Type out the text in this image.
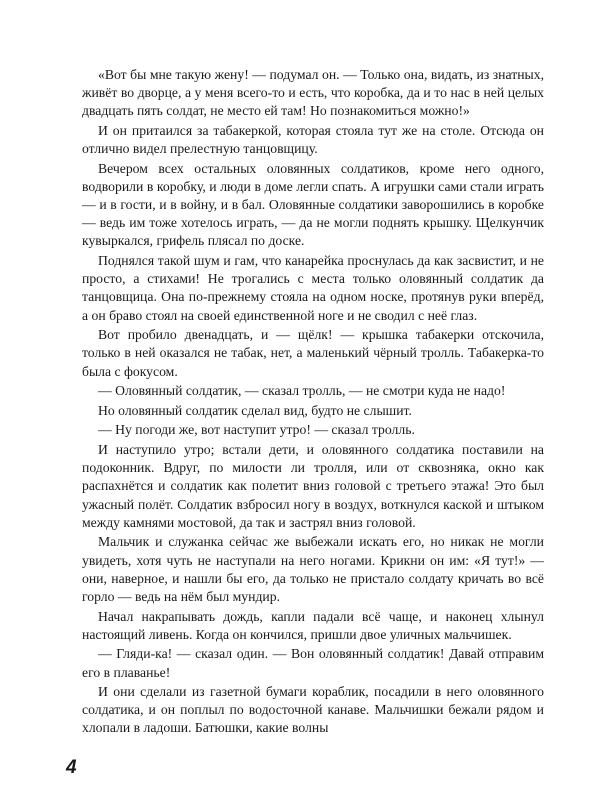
«Вот бы мне такую жену! — подумал он. — Только она, видать, из знатных, живёт во дворце, а у меня всего-то и есть, что коробка, да и то нас в ней целых двадцать пять солдат, не место ей там! Но познакомиться можно!»

И он притаился за табакеркой, которая стояла тут же на столе. Отсюда он отлично видел прелестную танцовщицу.

Вечером всех остальных оловянных солдатиков, кроме него одного, водворили в коробку, и люди в доме легли спать. А игрушки сами стали играть — и в гости, и в войну, и в бал. Оловянные солдатики заворошились в коробке — ведь им тоже хотелось играть, — да не могли поднять крышку. Щелкунчик кувыркался, грифель плясал по доске.

Поднялся такой шум и гам, что канарейка проснулась да как засвистит, и не просто, а стихами! Не трогались с места только оловянный солдатик да танцовщица. Она по-прежнему стояла на одном носке, протянув руки вперёд, а он браво стоял на своей единственной ноге и не сводил с неё глаз.

Вот пробило двенадцать, и — щёлк! — крышка табакерки отскочила, только в ней оказался не табак, нет, а маленький чёрный тролль. Табакерка-то была с фокусом.

— Оловянный солдатик, — сказал тролль, — не смотри куда не надо!

Но оловянный солдатик сделал вид, будто не слышит.

— Ну погоди же, вот наступит утро! — сказал тролль.

И наступило утро; встали дети, и оловянного солдатика поставили на подоконник. Вдруг, по милости ли тролля, или от сквозняка, окно как распахнётся и солдатик как полетит вниз головой с третьего этажа! Это был ужасный полёт. Солдатик взбросил ногу в воздух, воткнулся каской и штыком между камнями мостовой, да так и застрял вниз головой.

Мальчик и служанка сейчас же выбежали искать его, но никак не могли увидеть, хотя чуть не наступали на него ногами. Крикни он им: «Я тут!» — они, наверное, и нашли бы его, да только не пристало солдату кричать во всё горло — ведь на нём был мундир.

Начал накрапывать дождь, капли падали всё чаще, и наконец хлынул настоящий ливень. Когда он кончился, пришли двое уличных мальчишек.

— Гляди-ка! — сказал один. — Вон оловянный солдатик! Давай отправим его в плаванье!

И они сделали из газетной бумаги кораблик, посадили в него оловянного солдатика, и он поплыл по водосточной канаве. Мальчишки бежали рядом и хлопали в ладоши. Батюшки, какие волны

4
